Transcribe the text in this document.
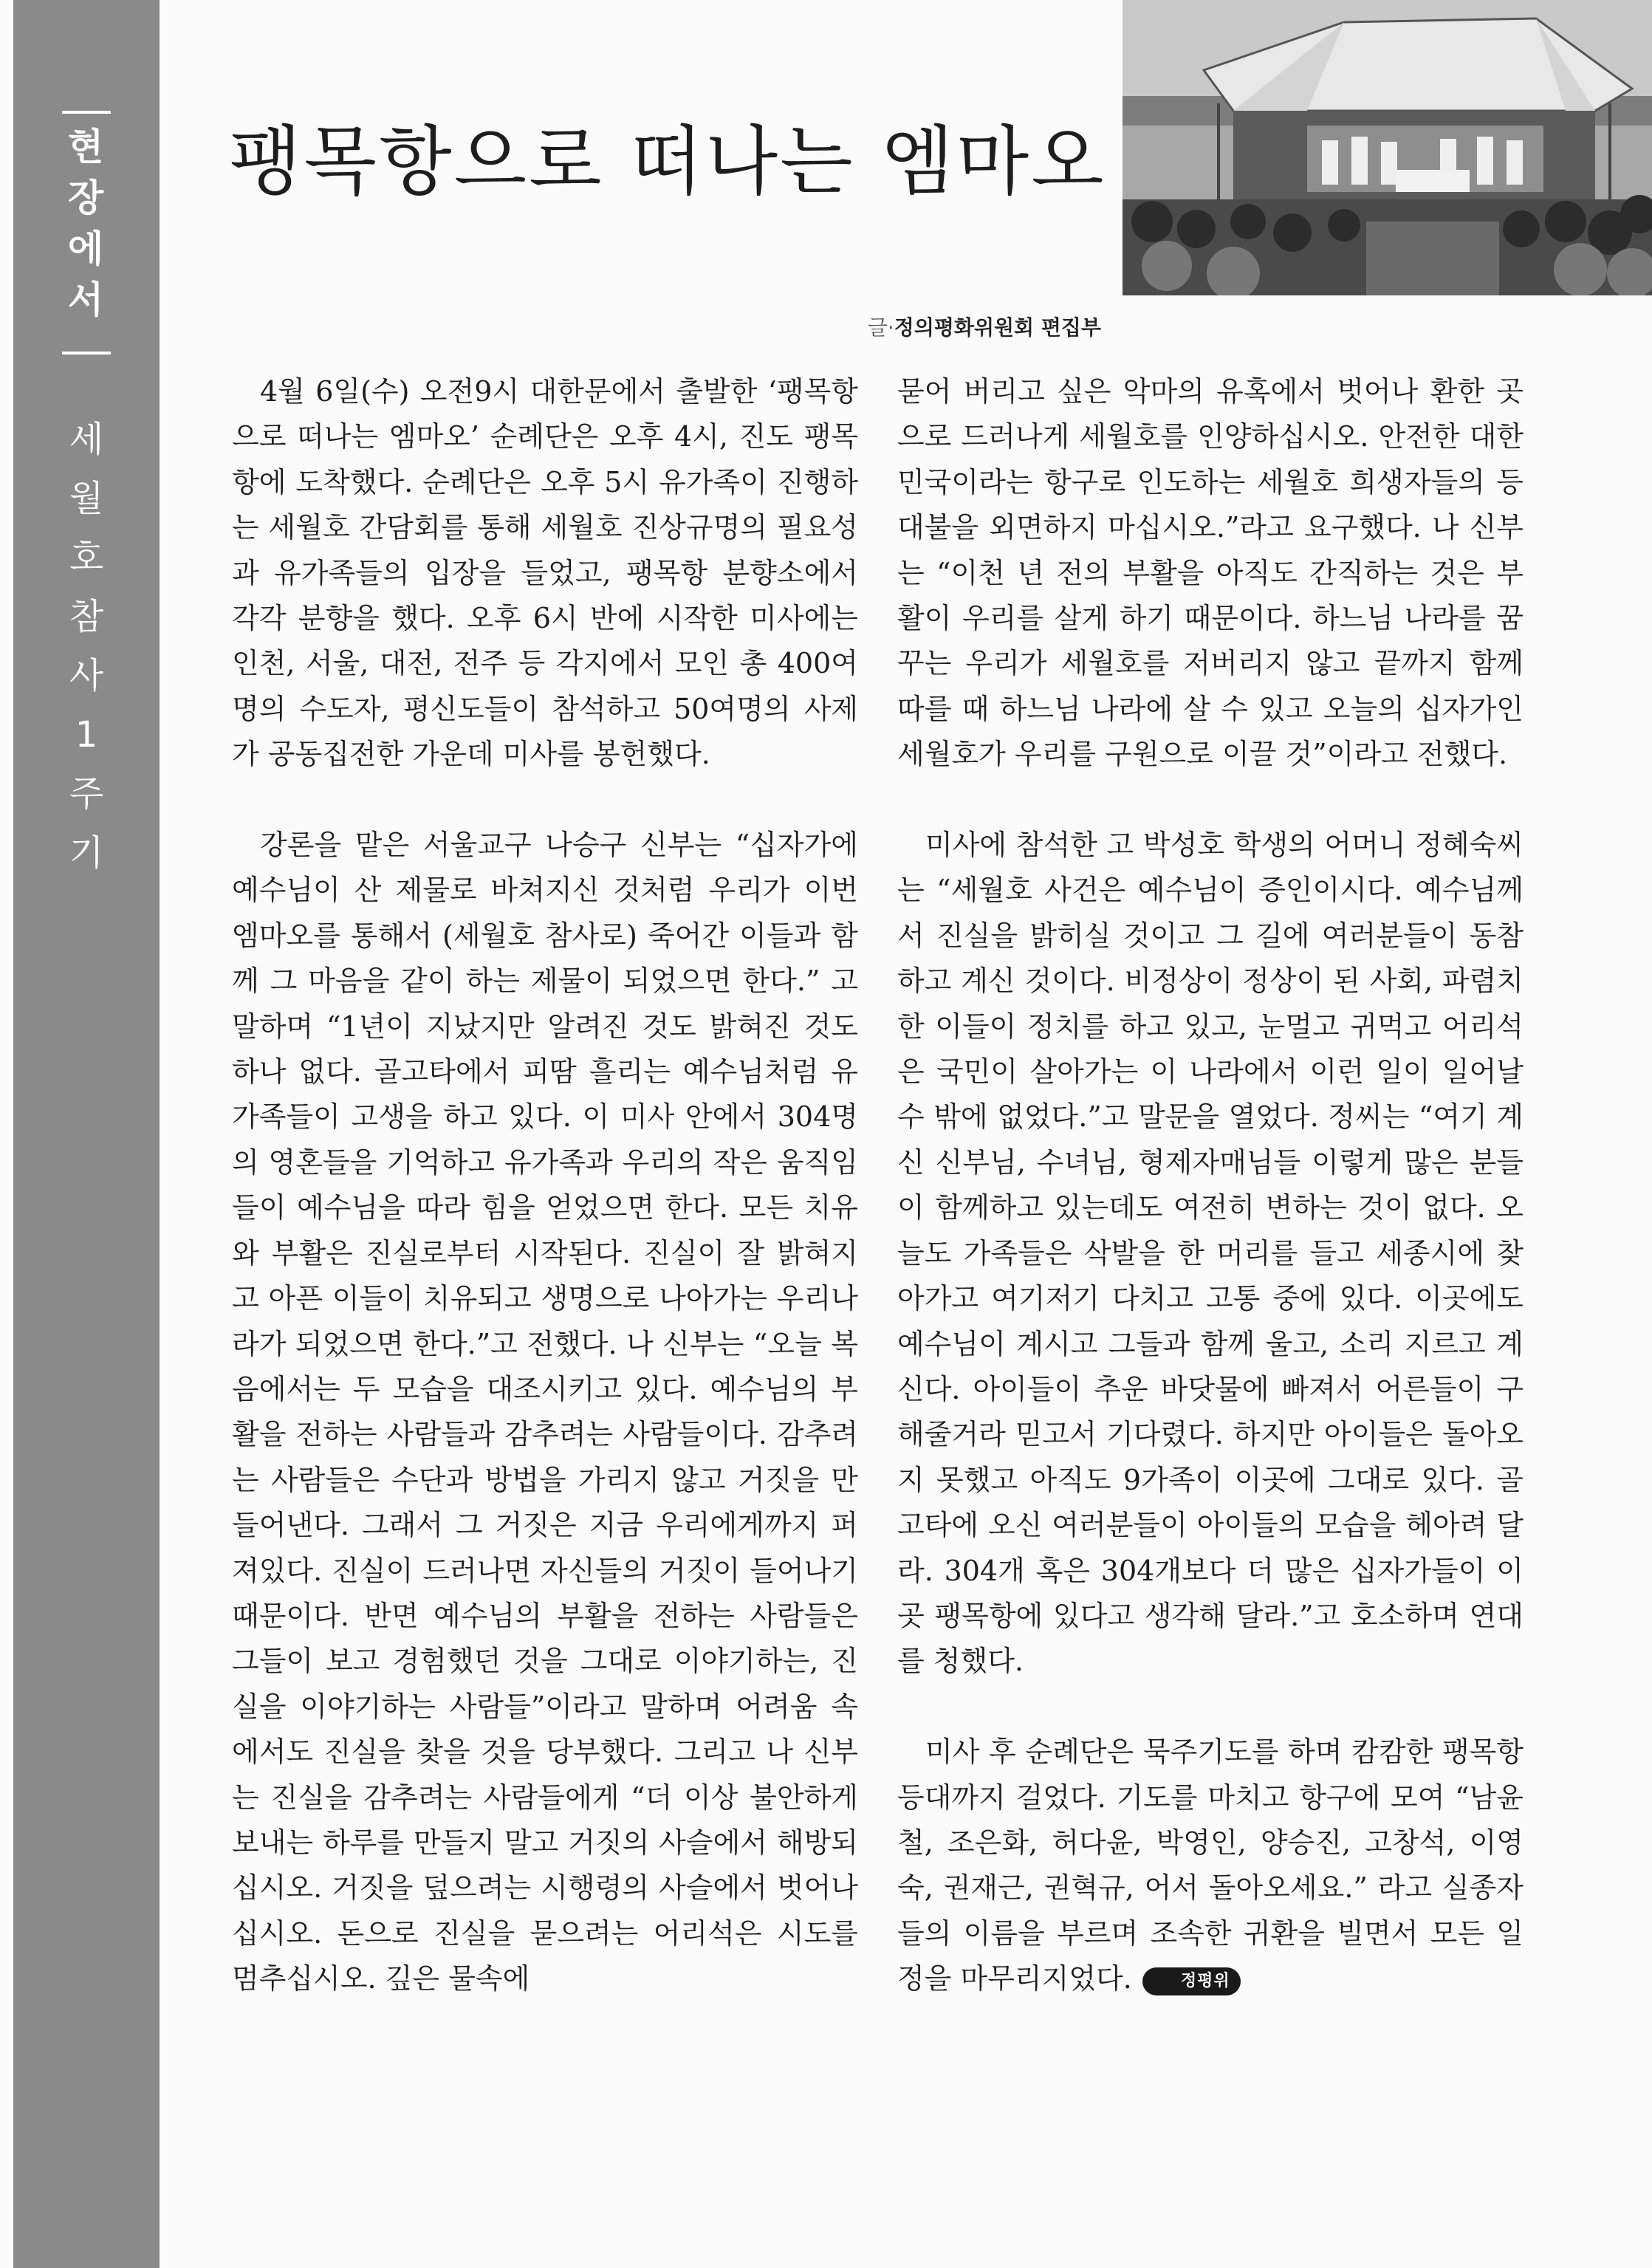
현장에서
세
월
호
참
사
1
주
기
팽목항으로 떠나는 엠마오
글·정의평화위원회 편집부

4월 6일(수) 오전9시 대한문에서 출발한 ‘팽목항으로 떠나는 엠마오’ 순례단은 오후 4시, 진도 팽목항에 도착했다. 순례단은 오후 5시 유가족이 진행하는 세월호 간담회를 통해 세월호 진상규명의 필요성과 유가족들의 입장을 들었고, 팽목항 분향소에서 각각 분향을 했다. 오후 6시 반에 시작한 미사에는 인천, 서울, 대전, 전주 등 각지에서 모인 총 400여명의 수도자, 평신도들이 참석하고 50여명의 사제가 공동집전한 가운데 미사를 봉헌했다.

강론을 맡은 서울교구 나승구 신부는 “십자가에 예수님이 산 제물로 바쳐지신 것처럼 우리가 이번 엠마오를 통해서 (세월호 참사로) 죽어간 이들과 함께 그 마음을 같이 하는 제물이 되었으면 한다.” 고 말하며 “1년이 지났지만 알려진 것도 밝혀진 것도 하나 없다. 골고타에서 피땀 흘리는 예수님처럼 유가족들이 고생을 하고 있다. 이 미사 안에서 304명의 영혼들을 기억하고 유가족과 우리의 작은 움직임들이 예수님을 따라 힘을 얻었으면 한다. 모든 치유와 부활은 진실로부터 시작된다. 진실이 잘 밝혀지고 아픈 이들이 치유되고 생명으로 나아가는 우리나라가 되었으면 한다.”고 전했다. 나 신부는 “오늘 복음에서는 두 모습을 대조시키고 있다. 예수님의 부활을 전하는 사람들과 감추려는 사람들이다. 감추려는 사람들은 수단과 방법을 가리지 않고 거짓을 만들어낸다. 그래서 그 거짓은 지금 우리에게까지 퍼져있다. 진실이 드러나면 자신들의 거짓이 들어나기 때문이다. 반면 예수님의 부활을 전하는 사람들은 그들이 보고 경험했던 것을 그대로 이야기하는, 진실을 이야기하는 사람들”이라고 말하며 어려움 속에서도 진실을 찾을 것을 당부했다. 그리고 나 신부는 진실을 감추려는 사람들에게 “더 이상 불안하게 보내는 하루를 만들지 말고 거짓의 사슬에서 해방되십시오. 거짓을 덮으려는 시행령의 사슬에서 벗어나십시오. 돈으로 진실을 묻으려는 어리석은 시도를 멈추십시오. 깊은 물속에

묻어 버리고 싶은 악마의 유혹에서 벗어나 환한 곳으로 드러나게 세월호를 인양하십시오. 안전한 대한민국이라는 항구로 인도하는 세월호 희생자들의 등대불을 외면하지 마십시오.”라고 요구했다. 나 신부는 “이천 년 전의 부활을 아직도 간직하는 것은 부활이 우리를 살게 하기 때문이다. 하느님 나라를 꿈꾸는 우리가 세월호를 저버리지 않고 끝까지 함께 따를 때 하느님 나라에 살 수 있고 오늘의 십자가인 세월호가 우리를 구원으로 이끌 것”이라고 전했다.

미사에 참석한 고 박성호 학생의 어머니 정혜숙씨는 “세월호 사건은 예수님이 증인이시다. 예수님께서 진실을 밝히실 것이고 그 길에 여러분들이 동참하고 계신 것이다. 비정상이 정상이 된 사회, 파렴치한 이들이 정치를 하고 있고, 눈멀고 귀먹고 어리석은 국민이 살아가는 이 나라에서 이런 일이 일어날 수 밖에 없었다.”고 말문을 열었다. 정씨는 “여기 계신 신부님, 수녀님, 형제자매님들 이렇게 많은 분들이 함께하고 있는데도 여전히 변하는 것이 없다. 오늘도 가족들은 삭발을 한 머리를 들고 세종시에 찾아가고 여기저기 다치고 고통 중에 있다. 이곳에도 예수님이 계시고 그들과 함께 울고, 소리 지르고 계신다. 아이들이 추운 바닷물에 빠져서 어른들이 구해줄거라 믿고서 기다렸다. 하지만 아이들은 돌아오지 못했고 아직도 9가족이 이곳에 그대로 있다. 골고타에 오신 여러분들이 아이들의 모습을 헤아려 달라. 304개 혹은 304개보다 더 많은 십자가들이 이 곳 팽목항에 있다고 생각해 달라.”고 호소하며 연대를 청했다.

미사 후 순례단은 묵주기도를 하며 캄캄한 팽목항 등대까지 걸었다. 기도를 마치고 항구에 모여 “남윤철, 조은화, 허다윤, 박영인, 양승진, 고창석, 이영숙, 권재근, 권혁규, 어서 돌아오세요.” 라고 실종자들의 이름을 부르며 조속한 귀환을 빌면서 모든 일정을 마무리지었다.	정평위
